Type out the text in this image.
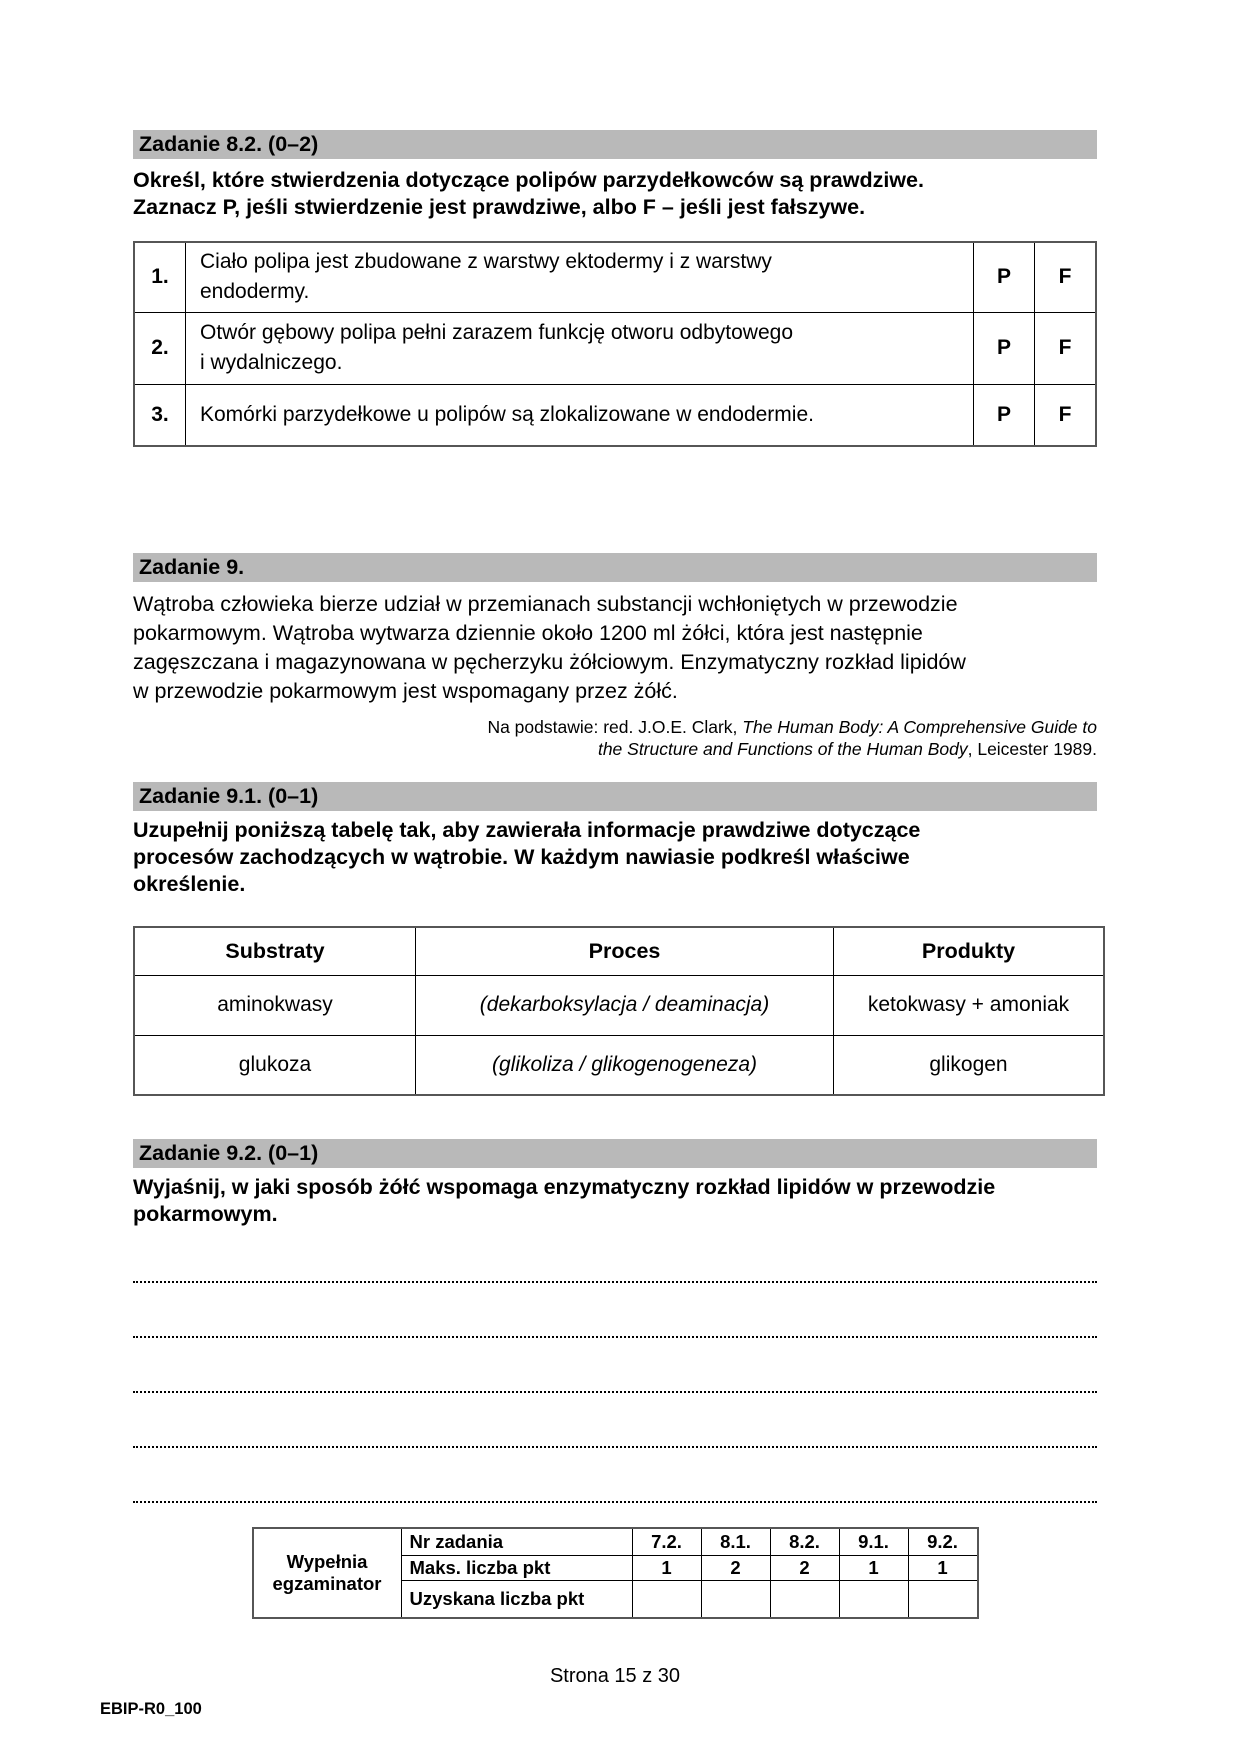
Zadanie 8.2. (0–2)
Określ, które stwierdzenia dotyczące polipów parzydełkowców są prawdziwe.
Zaznacz P, jeśli stwierdzenie jest prawdziwe, albo F – jeśli jest fałszywe.
1.	Ciało polipa jest zbudowane z warstwy ektodermy i z warstwy
endodermy.	P	F
2.	Otwór gębowy polipa pełni zarazem funkcję otworu odbytowego
i wydalniczego.	P	F
3.	Komórki parzydełkowe u polipów są zlokalizowane w endodermie.	P	F
Zadanie 9.
Wątroba człowieka bierze udział w przemianach substancji wchłoniętych w przewodzie
pokarmowym. Wątroba wytwarza dziennie około 1200 ml żółci, która jest następnie
zagęszczana i magazynowana w pęcherzyku żółciowym. Enzymatyczny rozkład lipidów
w przewodzie pokarmowym jest wspomagany przez żółć.
Na podstawie: red. J.O.E. Clark, The Human Body: A Comprehensive Guide to
the Structure and Functions of the Human Body, Leicester 1989.
Zadanie 9.1. (0–1)
Uzupełnij poniższą tabelę tak, aby zawierała informacje prawdziwe dotyczące
procesów zachodzących w wątrobie. W każdym nawiasie podkreśl właściwe
określenie.
Substraty	Proces	Produkty
aminokwasy	(dekarboksylacja / deaminacja)	ketokwasy + amoniak
glukoza	(glikoliza / glikogenogeneza)	glikogen
Zadanie 9.2. (0–1)
Wyjaśnij, w jaki sposób żółć wspomaga enzymatyczny rozkład lipidów w przewodzie
pokarmowym.
Wypełnia
egzaminator	Nr zadania	7.2.	8.1.	8.2.	9.1.	9.2.
	Maks. liczba pkt	1	2	2	1	1
	Uzyskana liczba pkt					
Strona 15 z 30
EBIP-R0_100
